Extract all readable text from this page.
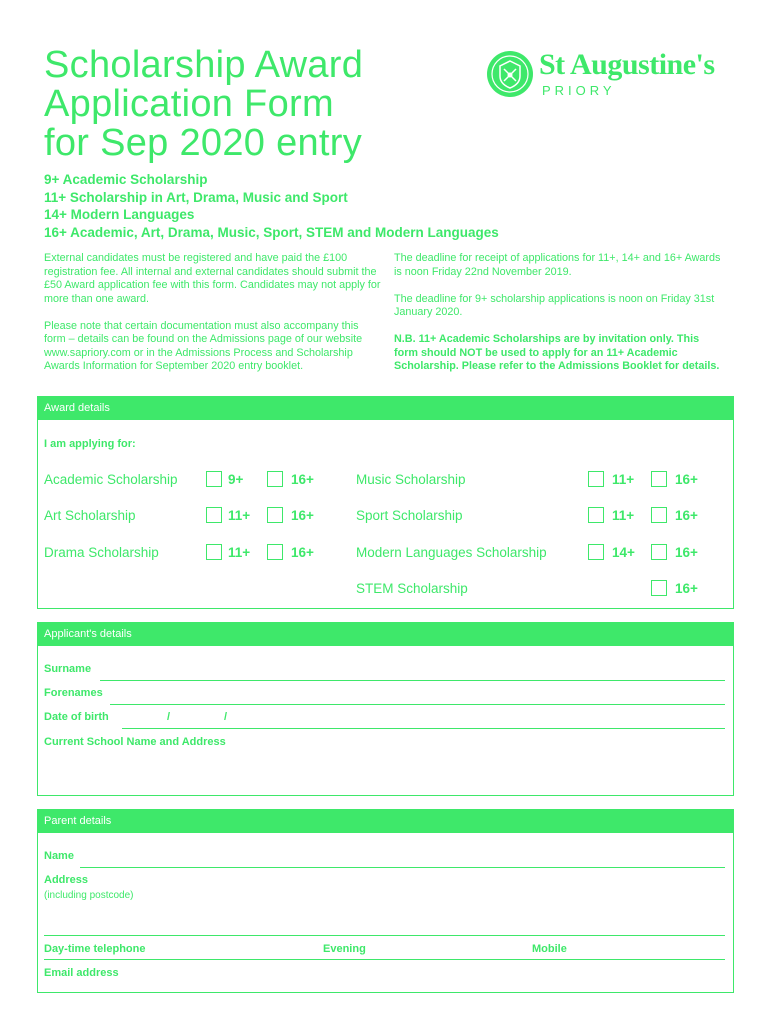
Scholarship Award
Application Form
for Sep 2020 entry
St Augustine's
PRIORY
9+ Academic Scholarship
11+ Scholarship in Art, Drama, Music and Sport
14+ Modern Languages
16+ Academic, Art, Drama, Music, Sport, STEM and Modern Languages

External candidates must be registered and have paid the £100 registration fee. All internal and external candidates should submit the £50 Award application fee with this form. Candidates may not apply for more than one award.

Please note that certain documentation must also accompany this form – details can be found on the Admissions page of our website www.sapriory.com or in the Admissions Process and Scholarship Awards Information for September 2020 entry booklet.

The deadline for receipt of applications for 11+, 14+ and 16+ Awards is noon Friday 22nd November 2019.

The deadline for 9+ scholarship applications is noon on Friday 31st January 2020.

N.B. 11+ Academic Scholarships are by invitation only. This form should NOT be used to apply for an 11+ Academic Scholarship. Please refer to the Admissions Booklet for details.

Award details
I am applying for:
Academic Scholarship	9+	16+	Music Scholarship	11+	16+
Art Scholarship	11+	16+	Sport Scholarship	11+	16+
Drama Scholarship	11+	16+	Modern Languages Scholarship	14+	16+
STEM Scholarship	16+
Applicant's details
Surname
Forenames
Date of birth	/	/
Current School Name and Address
Parent details
Name
Address
(including postcode)
Day-time telephone	Evening	Mobile
Email address
